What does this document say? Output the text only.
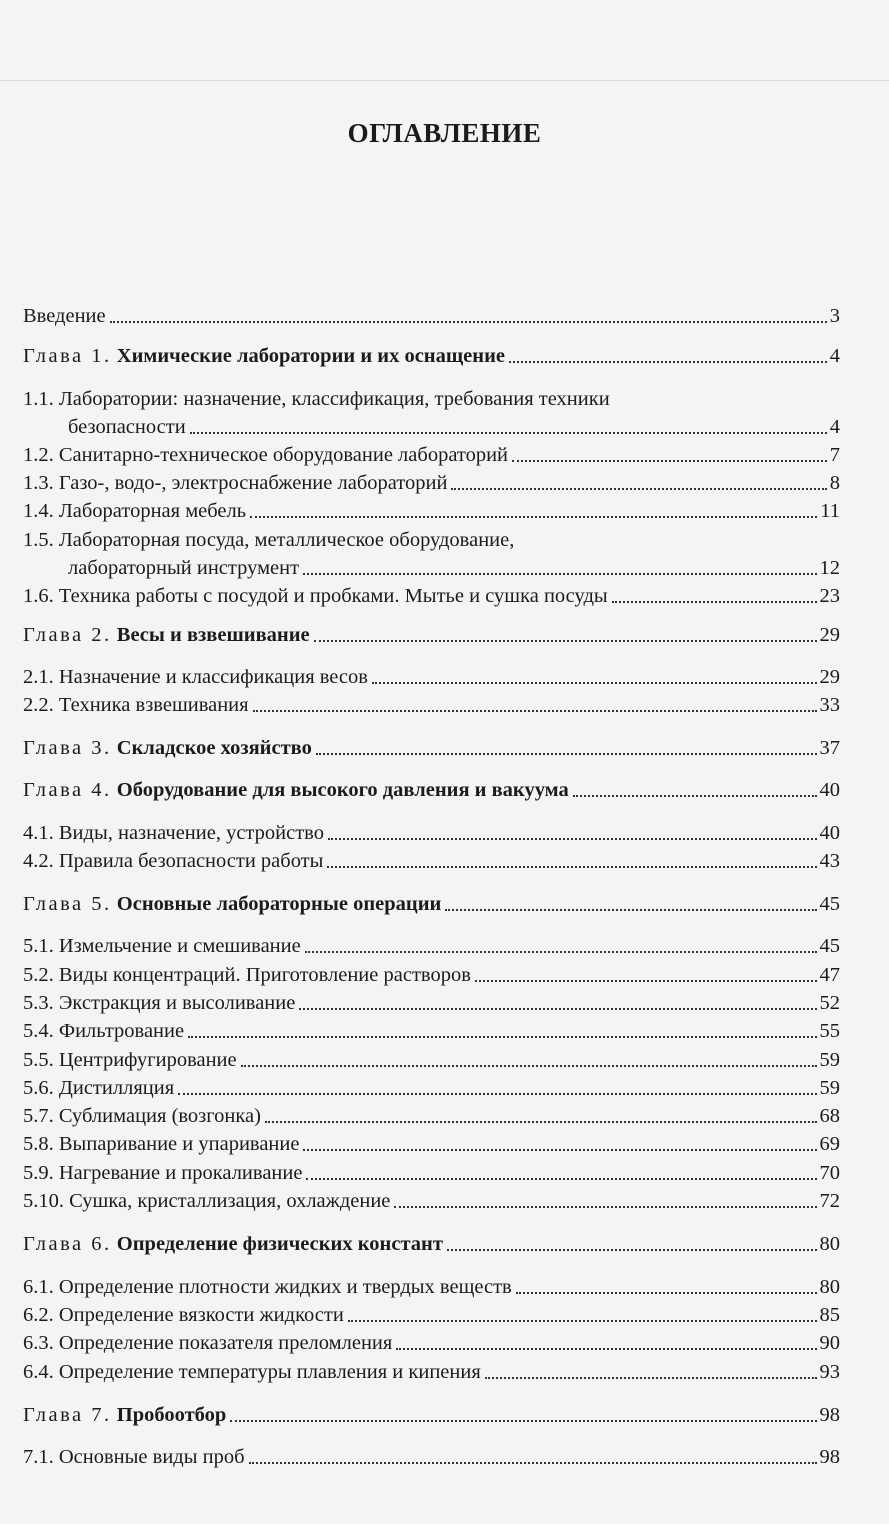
ОГЛАВЛЕНИЕ
Введение	3
Глава 1. Химические лаборатории и их оснащение	4
1.1. Лаборатории: назначение, классификация, требования техники
безопасности	4
1.2. Санитарно-техническое оборудование лабораторий	7
1.3. Газо-, водо-, электроснабжение лабораторий	8
1.4. Лабораторная мебель	11
1.5. Лабораторная посуда, металлическое оборудование,
лабораторный инструмент	12
1.6. Техника работы с посудой и пробками. Мытье и сушка посуды	23
Глава 2. Весы и взвешивание	29
2.1. Назначение и классификация весов	29
2.2. Техника взвешивания	33
Глава 3. Складское хозяйство	37
Глава 4. Оборудование для высокого давления и вакуума	40
4.1. Виды, назначение, устройство	40
4.2. Правила безопасности работы	43
Глава 5. Основные лабораторные операции	45
5.1. Измельчение и смешивание	45
5.2. Виды концентраций. Приготовление растворов	47
5.3. Экстракция и высоливание	52
5.4. Фильтрование	55
5.5. Центрифугирование	59
5.6. Дистилляция	59
5.7. Сублимация (возгонка)	68
5.8. Выпаривание и упаривание	69
5.9. Нагревание и прокаливание	70
5.10. Сушка, кристаллизация, охлаждение	72
Глава 6. Определение физических констант	80
6.1. Определение плотности жидких и твердых веществ	80
6.2. Определение вязкости жидкости	85
6.3. Определение показателя преломления	90
6.4. Определение температуры плавления и кипения	93
Глава 7. Пробоотбор	98
7.1. Основные виды проб	98
